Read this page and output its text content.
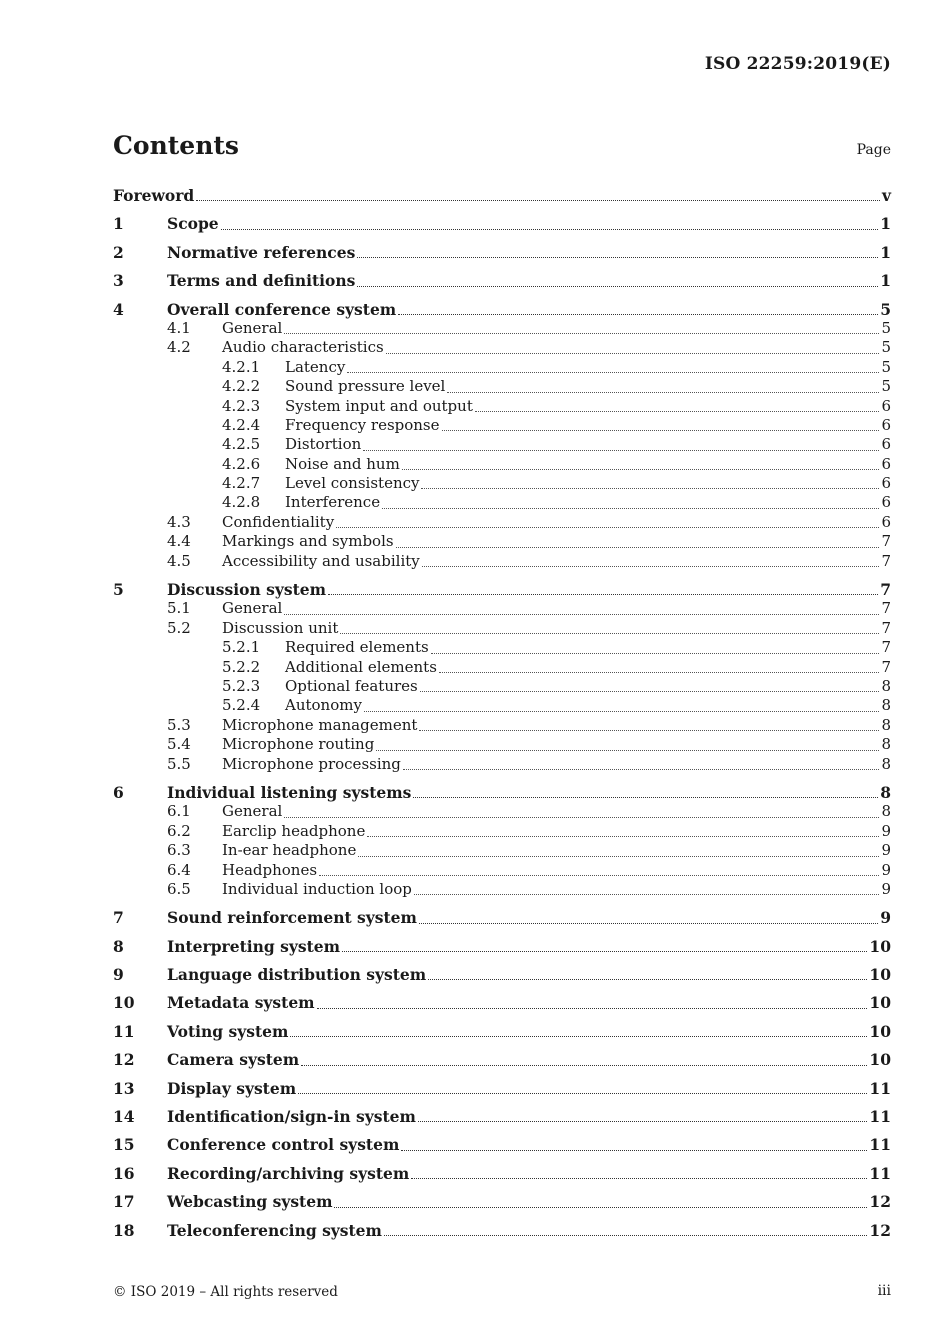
ISO 22259:2019(E)
Contents	Page
Foreword	v
1	Scope	1
2	Normative references	1
3	Terms and definitions	1
4	Overall conference system	5
4.1	General	5
4.2	Audio characteristics	5
4.2.1	Latency	5
4.2.2	Sound pressure level	5
4.2.3	System input and output	6
4.2.4	Frequency response	6
4.2.5	Distortion	6
4.2.6	Noise and hum	6
4.2.7	Level consistency	6
4.2.8	Interference	6
4.3	Confidentiality	6
4.4	Markings and symbols	7
4.5	Accessibility and usability	7
5	Discussion system	7
5.1	General	7
5.2	Discussion unit	7
5.2.1	Required elements	7
5.2.2	Additional elements	7
5.2.3	Optional features	8
5.2.4	Autonomy	8
5.3	Microphone management	8
5.4	Microphone routing	8
5.5	Microphone processing	8
6	Individual listening systems	8
6.1	General	8
6.2	Earclip headphone	9
6.3	In-ear headphone	9
6.4	Headphones	9
6.5	Individual induction loop	9
7	Sound reinforcement system	9
8	Interpreting system	10
9	Language distribution system	10
10	Metadata system	10
11	Voting system	10
12	Camera system	10
13	Display system	11
14	Identification/sign-in system	11
15	Conference control system	11
16	Recording/archiving system	11
17	Webcasting system	12
18	Teleconferencing system	12
© ISO 2019 – All rights reserved	iii
